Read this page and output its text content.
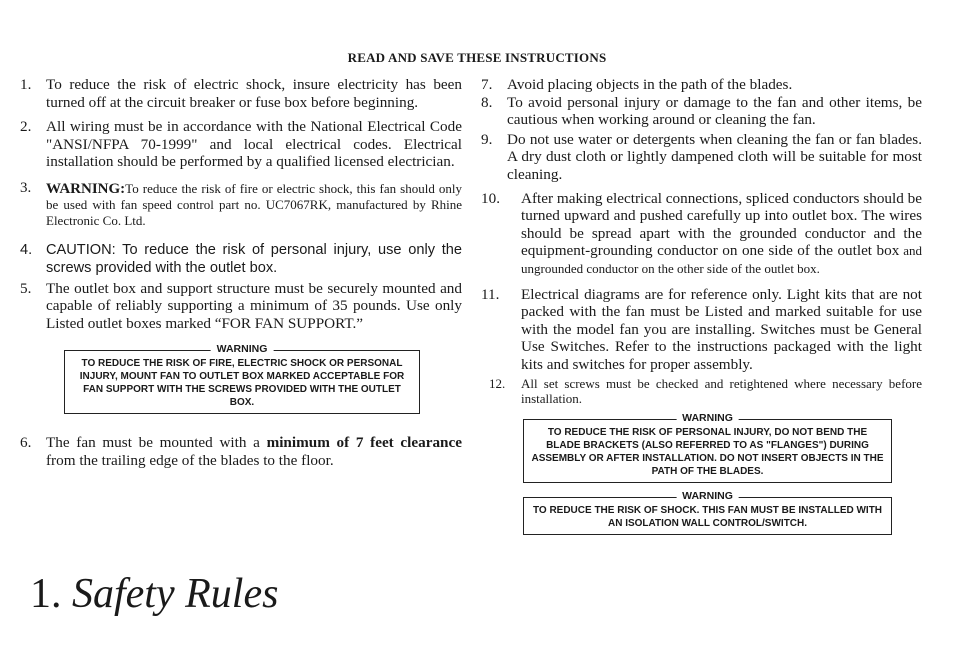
READ AND SAVE THESE INSTRUCTIONS
1. To reduce the risk of electric shock, insure electricity has been turned off at the circuit breaker or fuse box before beginning.
2. All wiring must be in accordance with the National Electrical Code "ANSI/NFPA 70-1999" and local electrical codes. Electrical installation should be performed by a qualified licensed electrician.
3. WARNING:To reduce the risk of fire or electric shock, this fan should only be used with fan speed control part no. UC7067RK, manufactured by Rhine Electronic Co. Ltd.
4. CAUTION: To reduce the risk of personal injury, use only the screws provided with the outlet box.
5. The outlet box and support structure must be securely mounted and capable of reliably supporting a minimum of 35 pounds. Use only Listed outlet boxes marked “FOR FAN SUPPORT.”
WARNING
TO REDUCE THE RISK OF FIRE, ELECTRIC SHOCK OR PERSONAL INJURY, MOUNT FAN TO OUTLET BOX MARKED ACCEPTABLE FOR FAN SUPPORT WITH THE SCREWS PROVIDED WITH THE OUTLET BOX.
6. The fan must be mounted with a minimum of 7 feet clearance from the trailing edge of the blades to the floor.
7. Avoid placing objects in the path of the blades.
8. To avoid personal injury or damage to the fan and other items, be cautious when working around or cleaning the fan.
9. Do not use water or detergents when cleaning the fan or fan blades. A dry dust cloth or lightly dampened cloth will be suitable for most cleaning.
10. After making electrical connections, spliced conductors should be turned upward and pushed carefully up into outlet box. The wires should be spread apart with the grounded conductor and the equipment-grounding conductor on one side of the outlet box and ungrounded conductor on the other side of the outlet box.
11. Electrical diagrams are for reference only. Light kits that are not packed with the fan must be Listed and marked suitable for use with the model fan you are installing. Switches must be General Use Switches. Refer to the instructions packaged with the light kits and switches for proper assembly.
12. All set screws must be checked and retightened where necessary before installation.
WARNING
TO REDUCE THE RISK OF PERSONAL INJURY, DO NOT BEND THE BLADE BRACKETS (ALSO REFERRED TO AS "FLANGES") DURING ASSEMBLY OR AFTER INSTALLATION. DO NOT INSERT OBJECTS IN THE PATH OF THE BLADES.
WARNING
TO REDUCE THE RISK OF SHOCK. THIS FAN MUST BE INSTALLED WITH AN ISOLATION WALL CONTROL/SWITCH.
1. Safety Rules
